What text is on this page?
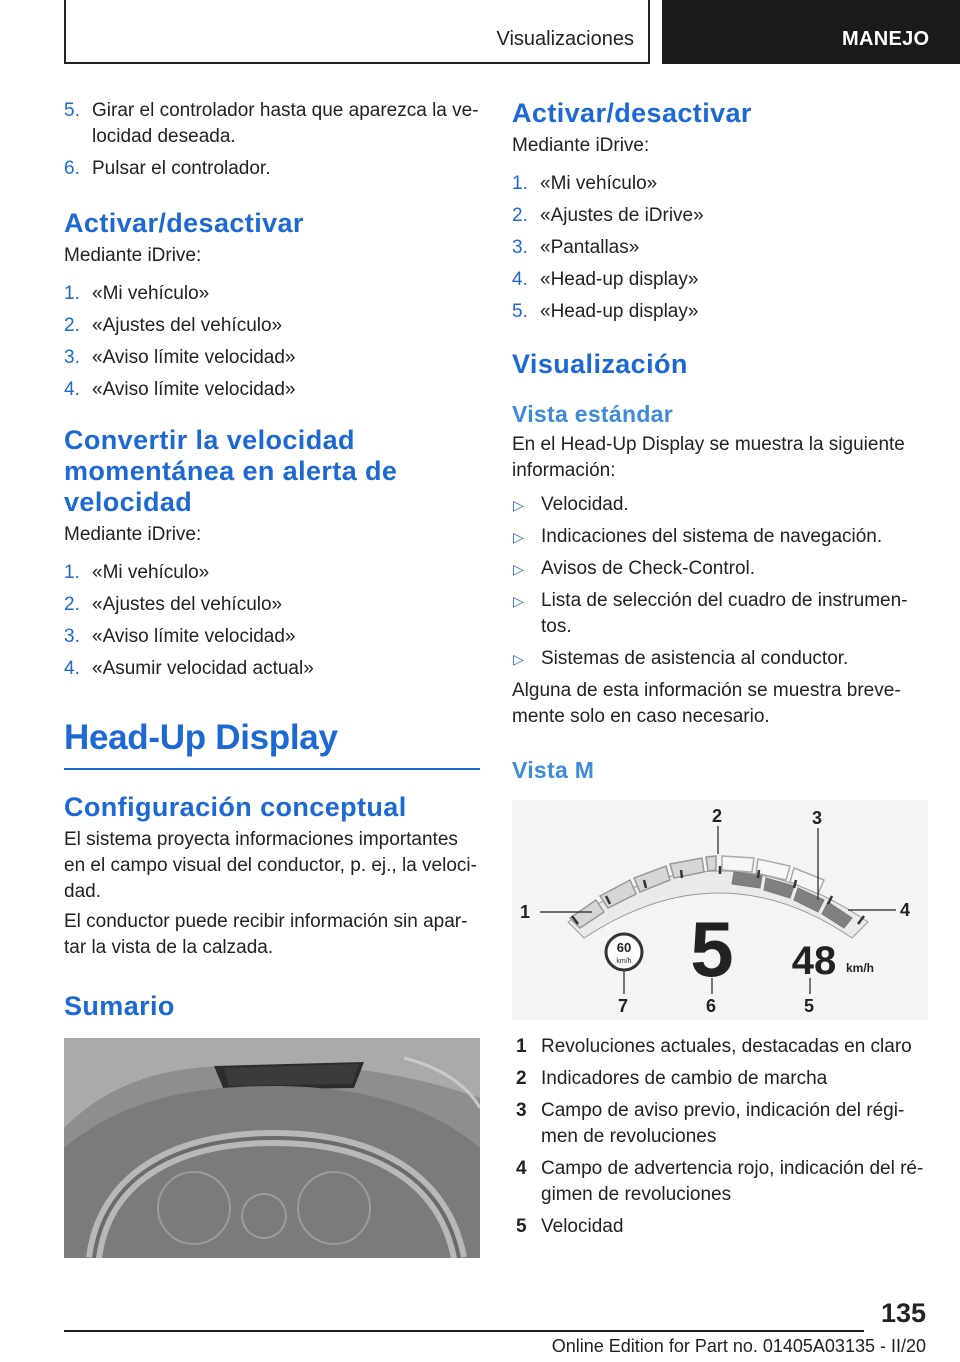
Visualizaciones	MANEJO
5. Girar el controlador hasta que aparezca la ve-locidad deseada.
6. Pulsar el controlador.
Activar/desactivar

Mediante iDrive:

1. «Mi vehículo»
2. «Ajustes del vehículo»
3. «Aviso límite velocidad»
4. «Aviso límite velocidad»
Convertir la velocidad momentánea en alerta de velocidad

Mediante iDrive:

1. «Mi vehículo»
2. «Ajustes del vehículo»
3. «Aviso límite velocidad»
4. «Asumir velocidad actual»
Head-Up Display
Configuración conceptual

El sistema proyecta informaciones importantes en el campo visual del conductor, p. ej., la veloci-dad.

El conductor puede recibir información sin apar-tar la vista de la calzada.

Sumario
Activar/desactivar

Mediante iDrive:

1. «Mi vehículo»
2. «Ajustes de iDrive»
3. «Pantallas»
4. «Head-up display»
5. «Head-up display»
Visualización
Vista estándar

En el Head-Up Display se muestra la siguiente información:

▷ Velocidad.
▷ Indicaciones del sistema de navegación.
▷ Avisos de Check-Control.
▷ Lista de selección del cuadro de instrumen-tos.
▷ Sistemas de asistencia al conductor.

Alguna de esta información se muestra breve-mente solo en caso necesario.

Vista M
1
2	3
4
5
6
7
60
km/h 5 48 km/h
1 Revoluciones actuales, destacadas en claro
2 Indicadores de cambio de marcha
3 Campo de aviso previo, indicación del régi-men de revoluciones
4 Campo de advertencia rojo, indicación del ré-gimen de revoluciones
5 Velocidad
135
Online Edition for Part no. 01405A03135 - II/20
